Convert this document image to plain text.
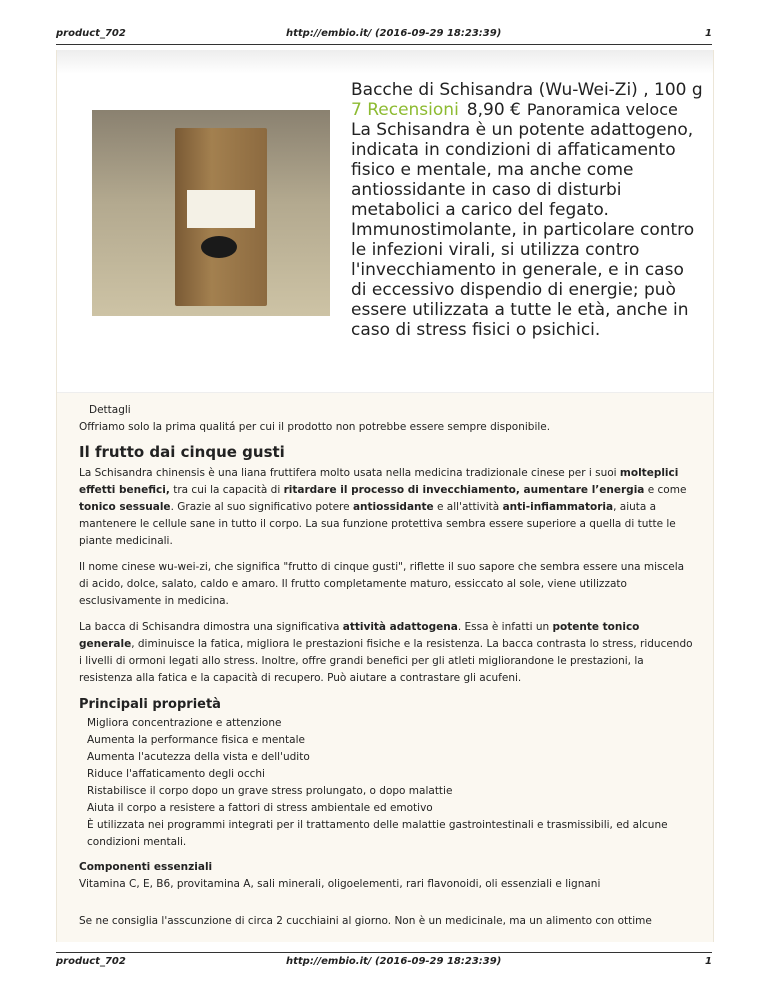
product_702	http://embio.it/ (2016-09-29 18:23:39)	1
Bacche di Schisandra (Wu-Wei-Zi) , 100 g
7 Recensioni 8,90 € Panoramica veloce
La Schisandra è un potente adattogeno, indicata in condizioni di affaticamento fisico e mentale, ma anche come antiossidante in caso di disturbi metabolici a carico del fegato. Immunostimolante, in particolare contro le infezioni virali, si utilizza contro l'invecchiamento in generale, e in caso di eccessivo dispendio di energie; può essere utilizzata a tutte le età, anche in caso di stress fisici o psichici.
Dettagli
Offriamo solo la prima qualitá per cui il prodotto non potrebbe essere sempre disponibile.
Il frutto dai cinque gusti

La Schisandra chinensis è una liana fruttifera molto usata nella medicina tradizionale cinese per i suoi molteplici effetti benefici, tra cui la capacità di ritardare il processo di invecchiamento, aumentare l’energia e come tonico sessuale. Grazie al suo significativo potere antiossidante e all'attività anti-infiammatoria, aiuta a mantenere le cellule sane in tutto il corpo. La sua funzione protettiva sembra essere superiore a quella di tutte le piante medicinali.

Il nome cinese wu-wei-zi, che significa "frutto di cinque gusti", riflette il suo sapore che sembra essere una miscela di acido, dolce, salato, caldo e amaro. Il frutto completamente maturo, essiccato al sole, viene utilizzato esclusivamente in medicina.

La bacca di Schisandra dimostra una significativa attività adattogena. Essa è infatti un potente tonico generale, diminuisce la fatica, migliora le prestazioni fisiche e la resistenza. La bacca contrasta lo stress, riducendo i livelli di ormoni legati allo stress. Inoltre, offre grandi benefici per gli atleti migliorandone le prestazioni, la resistenza alla fatica e la capacità di recupero. Può aiutare a contrastare gli acufeni.

Principali proprietà
Migliora concentrazione e attenzione
Aumenta la performance fisica e mentale
Aumenta l'acutezza della vista e dell'udito
Riduce l'affaticamento degli occhi
Ristabilisce il corpo dopo un grave stress prolungato, o dopo malattie
Aiuta il corpo a resistere a fattori di stress ambientale ed emotivo
È utilizzata nei programmi integrati per il trattamento delle malattie gastrointestinali e trasmissibili, ed alcune condizioni mentali.
Componenti essenziali
Vitamina C, E, B6, provitamina A, sali minerali, oligoelementi, rari flavonoidi, oli essenziali e lignani

Se ne consiglia l'asscunzione di circa 2 cucchiaini al giorno. Non è un medicinale, ma un alimento con ottime

product_702	http://embio.it/ (2016-09-29 18:23:39)	1
